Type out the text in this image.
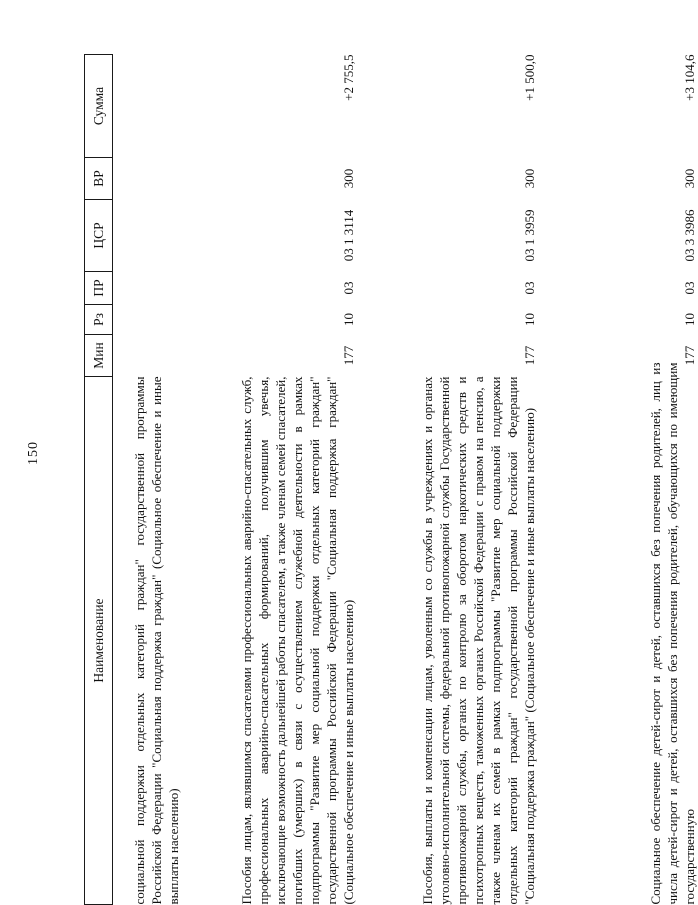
150
Наименование	Мин	Рз	ПР	ЦСР	ВР	Сумма
социальной поддержки отдельных категорий граждан" государственной программы Российской Федерации "Социальная поддержка граждан" (Социальное обеспечение и иные выплаты населению)						
Пособия лицам, являвшимся спасателями профессиональных аварийно-спасательных служб, профессиональных аварийно-спасательных формирований, получившим увечья, исключающие возможность дальнейшей работы спасателем, а также членам семей спасателей, погибших (умерших) в связи с осуществлением служебной деятельности в рамках подпрограммы "Развитие мер социальной поддержки отдельных категорий граждан" государственной программы Российской Федерации "Социальная поддержка граждан" (Социальное обеспечение и иные выплаты населению)	177	10	03	03 1 3114	300	+2 755,5
Пособия, выплаты и компенсации лицам, уволенным со службы в учреждениях и органах уголовно-исполнительной системы, федеральной противопожарной службы Государственной противопожарной службы, органах по контролю за оборотом наркотических средств и психотропных веществ, таможенных органах Российской Федерации с правом на пенсию, а также членам их семей в рамках подпрограммы "Развитие мер социальной поддержки отдельных категорий граждан" государственной программы Российской Федерации "Социальная поддержка граждан" (Социальное обеспечение и иные выплаты населению)	177	10	03	03 1 3959	300	+1 500,0

Социальное обеспечение детей-сирот и детей, оставшихся без попечения родителей, лиц из числа детей-сирот и детей, оставшихся без попечения родителей, обучающихся по имеющим государственную	177	10	03	03 3 3986	300	+3 104,6
